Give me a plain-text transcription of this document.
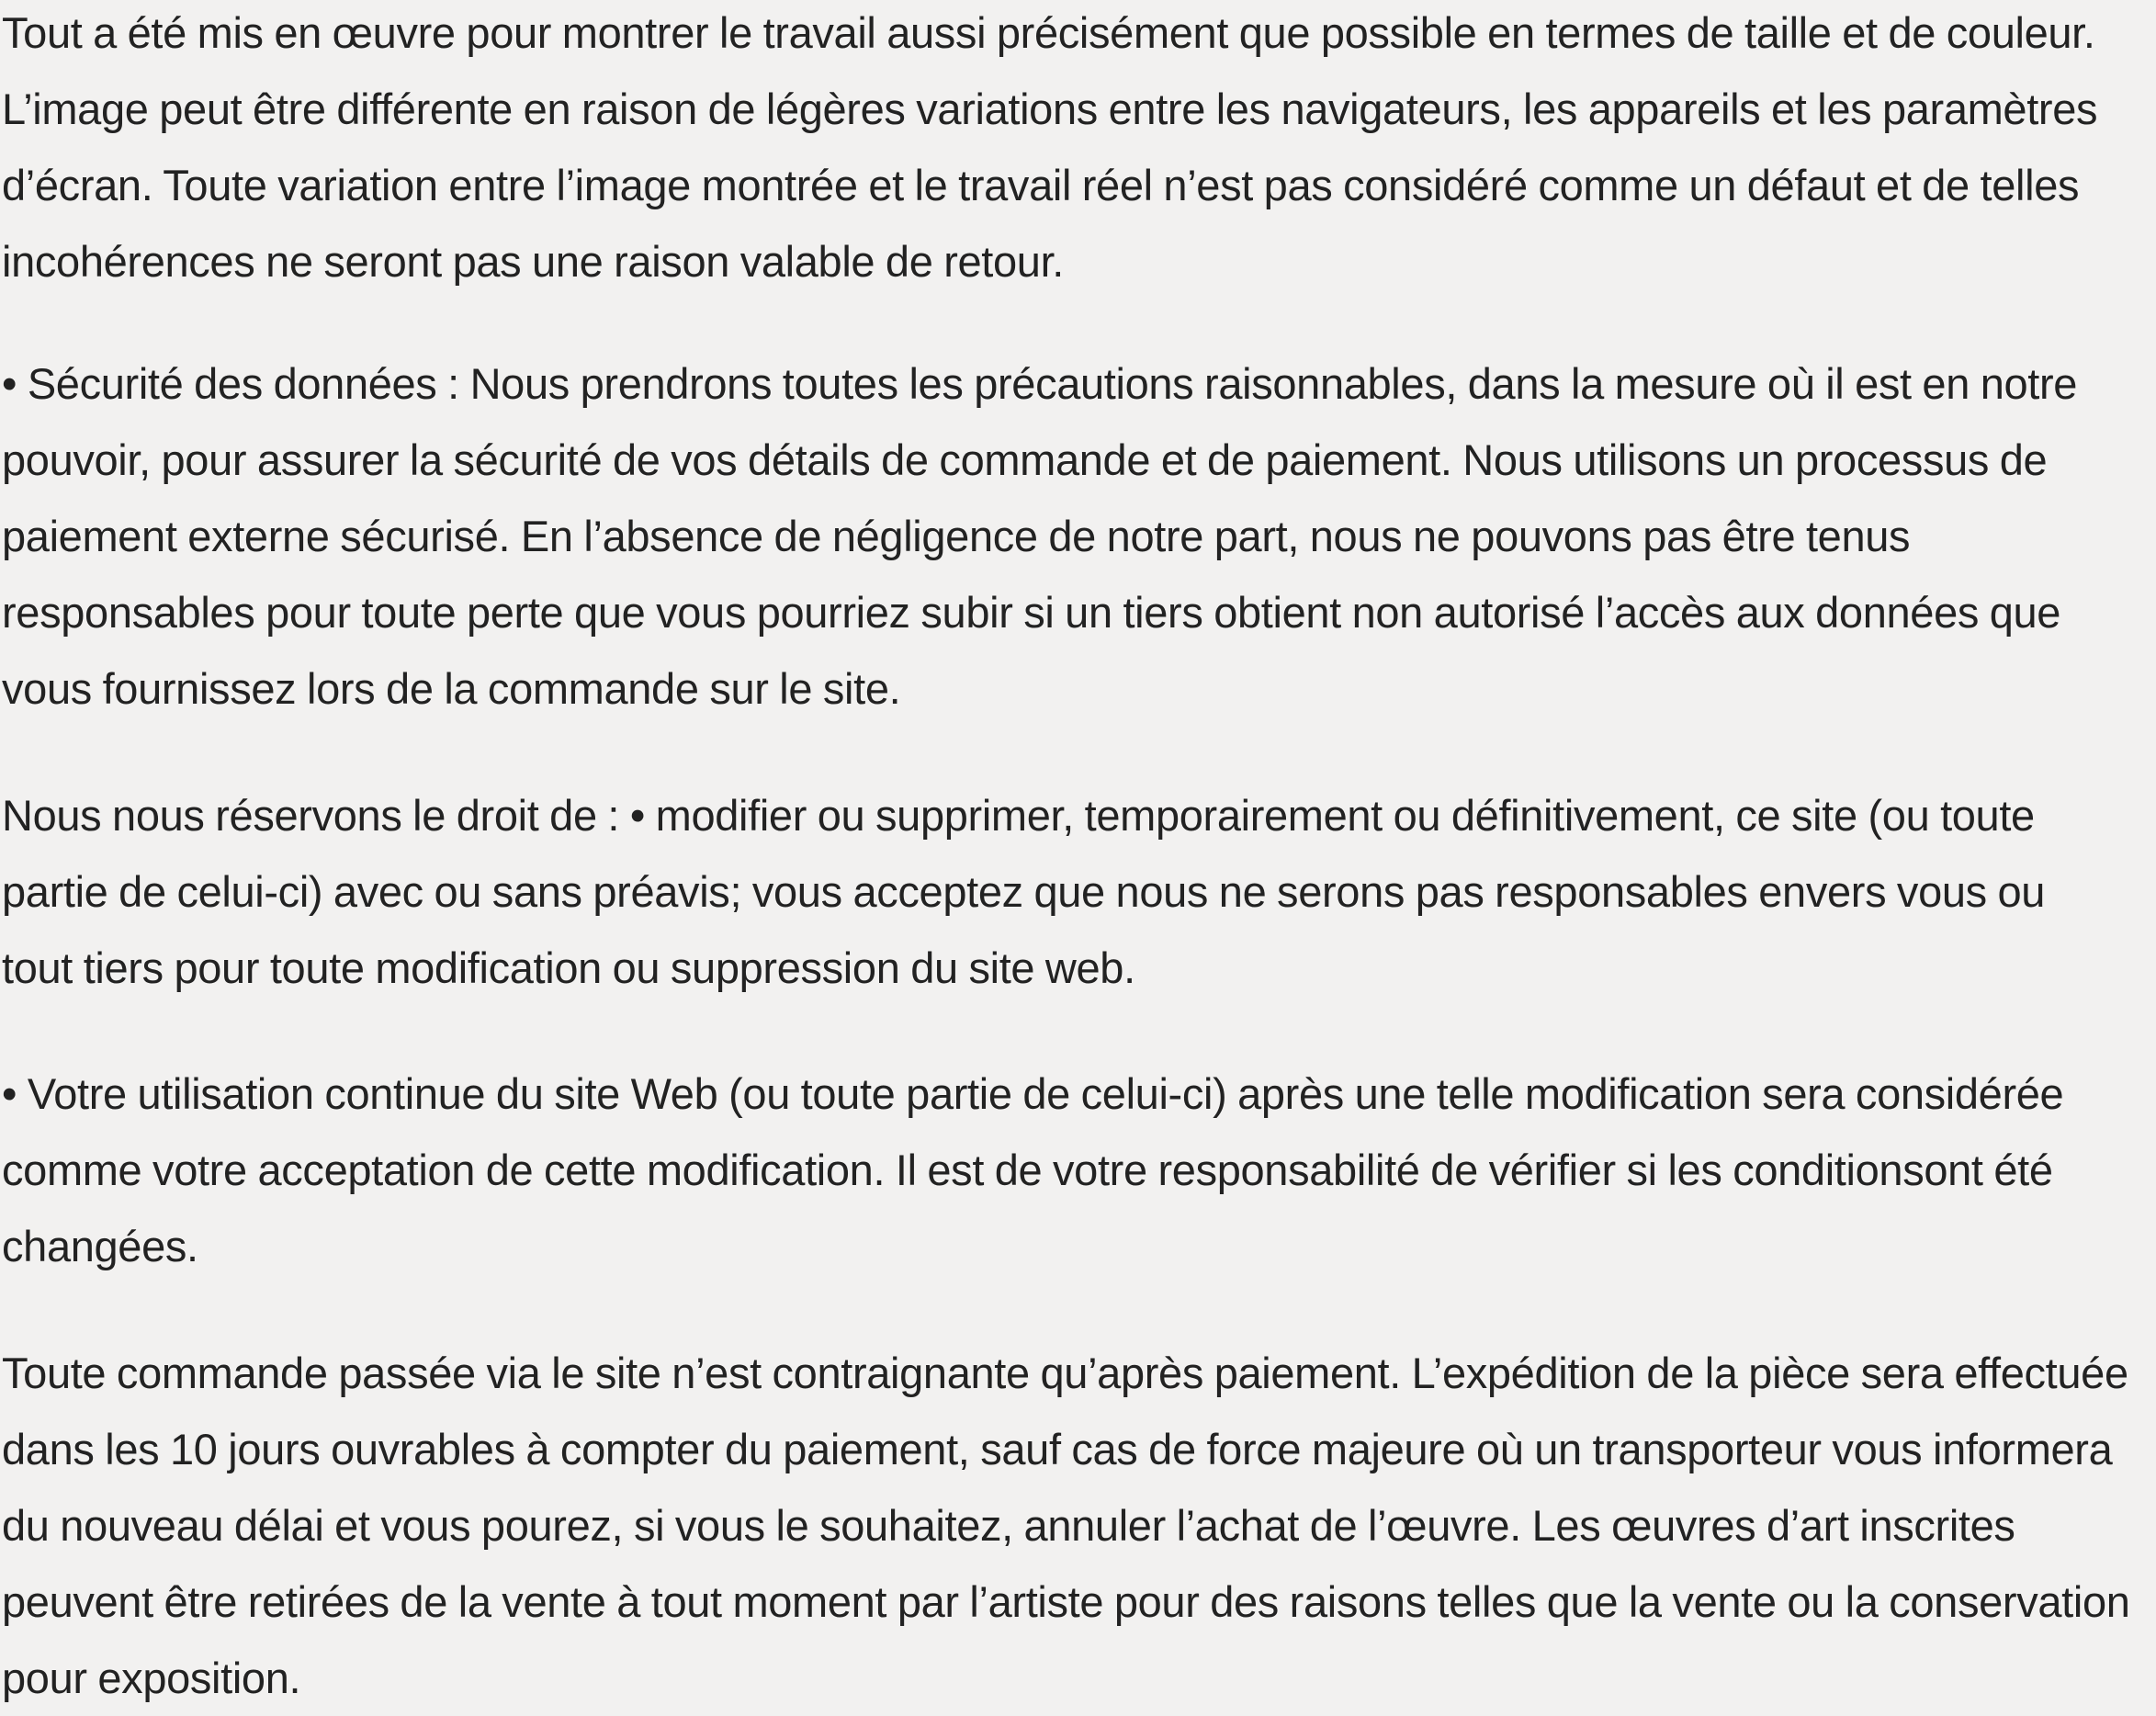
Tout a été mis en œuvre pour montrer le travail aussi précisément que possible en termes de taille et de couleur. L’image peut être différente en raison de légères variations entre les navigateurs, les appareils et les paramètres d’écran. Toute variation entre l’image montrée et le travail réel n’est pas considéré comme un défaut et de telles incohérences ne seront pas une raison valable de retour.

• Sécurité des données : Nous prendrons toutes les précautions raisonnables, dans la mesure où il est en notre pouvoir, pour assurer la sécurité de vos détails de commande et de paiement. Nous utilisons un processus de paiement externe sécurisé. En l’absence de négligence de notre part, nous ne pouvons pas être tenus responsables pour toute perte que vous pourriez subir si un tiers obtient non autorisé l’accès aux données que vous fournissez lors de la commande sur le site.

Nous nous réservons le droit de : • modifier ou supprimer, temporairement ou définitivement, ce site (ou toute partie de celui-ci) avec ou sans préavis; vous acceptez que nous ne serons pas responsables envers vous ou tout tiers pour toute modification ou suppression du site web.

• Votre utilisation continue du site Web (ou toute partie de celui-ci) après une telle modification sera considérée comme votre acceptation de cette modification. Il est de votre responsabilité de vérifier si les conditionsont été changées.

Toute commande passée via le site n’est contraignante qu’après paiement. L’expédition de la pièce sera effectuée dans les 10 jours ouvrables à compter du paiement, sauf cas de force majeure où un transporteur vous informera du nouveau délai et vous pourez, si vous le souhaitez, annuler l’achat de l’œuvre. Les œuvres d’art inscrites peuvent être retirées de la vente à tout moment par l’artiste pour des raisons telles que la vente ou la conservation pour exposition.
